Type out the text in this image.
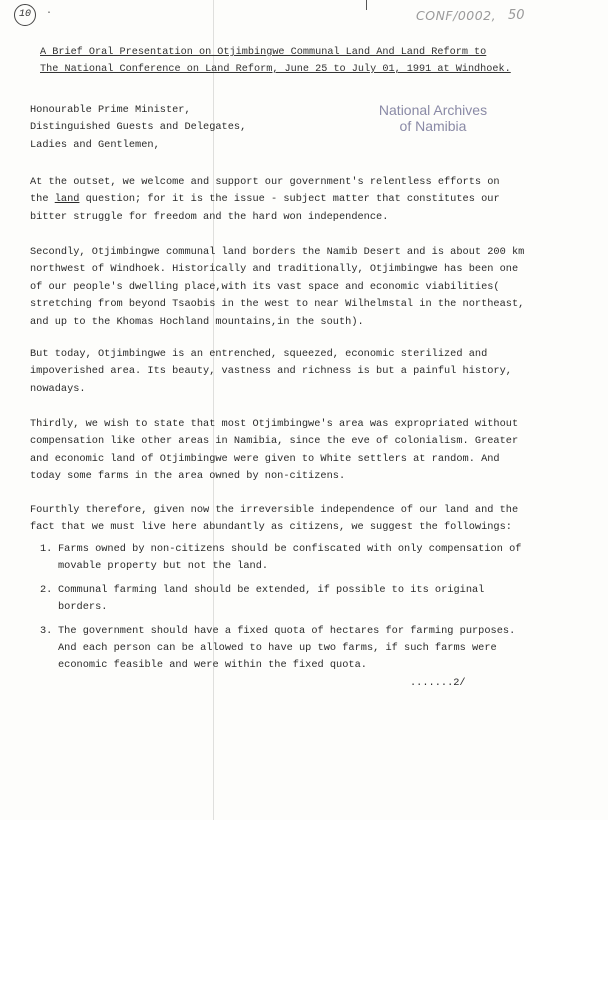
10	·	CONF/0002, 50
A Brief Oral Presentation on Otjimbingwe Communal Land And Land Reform to
The National Conference on Land Reform, June 25 to July 01, 1991 at Windhoek.
National Archives
of Namibia
Honourable Prime Minister,
Distinguished Guests and Delegates,
Ladies and Gentlemen,
At the outset, we welcome and support our government's relentless efforts on
the land question; for it is the issue - subject matter that constitutes our
bitter struggle for freedom and the hard won independence.
Secondly, Otjimbingwe communal land borders the Namib Desert and is about 200 km
northwest of Windhoek. Historically and traditionally, Otjimbingwe has been one
of our people's dwelling place,with its vast space and economic viabilities(
stretching from beyond Tsaobis in the west to near Wilhelmstal in the northeast,
and up to the Khomas Hochland mountains,in the south).
But today, Otjimbingwe is an entrenched, squeezed, economic sterilized and
impoverished area. Its beauty, vastness and richness is but a painful history,
nowadays.
Thirdly, we wish to state that most Otjimbingwe's area was expropriated without
compensation like other areas in Namibia, since the eve of colonialism. Greater
and economic land of Otjimbingwe were given to White settlers at random. And
today some farms in the area owned by non-citizens.
Fourthly therefore, given now the irreversible independence of our land and the
fact that we must live here abundantly as citizens, we suggest the followings:
1. Farms owned by non-citizens should be confiscated with only compensation of
movable property but not the land.
2. Communal farming land should be extended, if possible to its original
borders.
3. The government should have a fixed quota of hectares for farming purposes.
And each person can be allowed to have up two farms, if such farms were
economic feasible and were within the fixed quota.
.......2/
